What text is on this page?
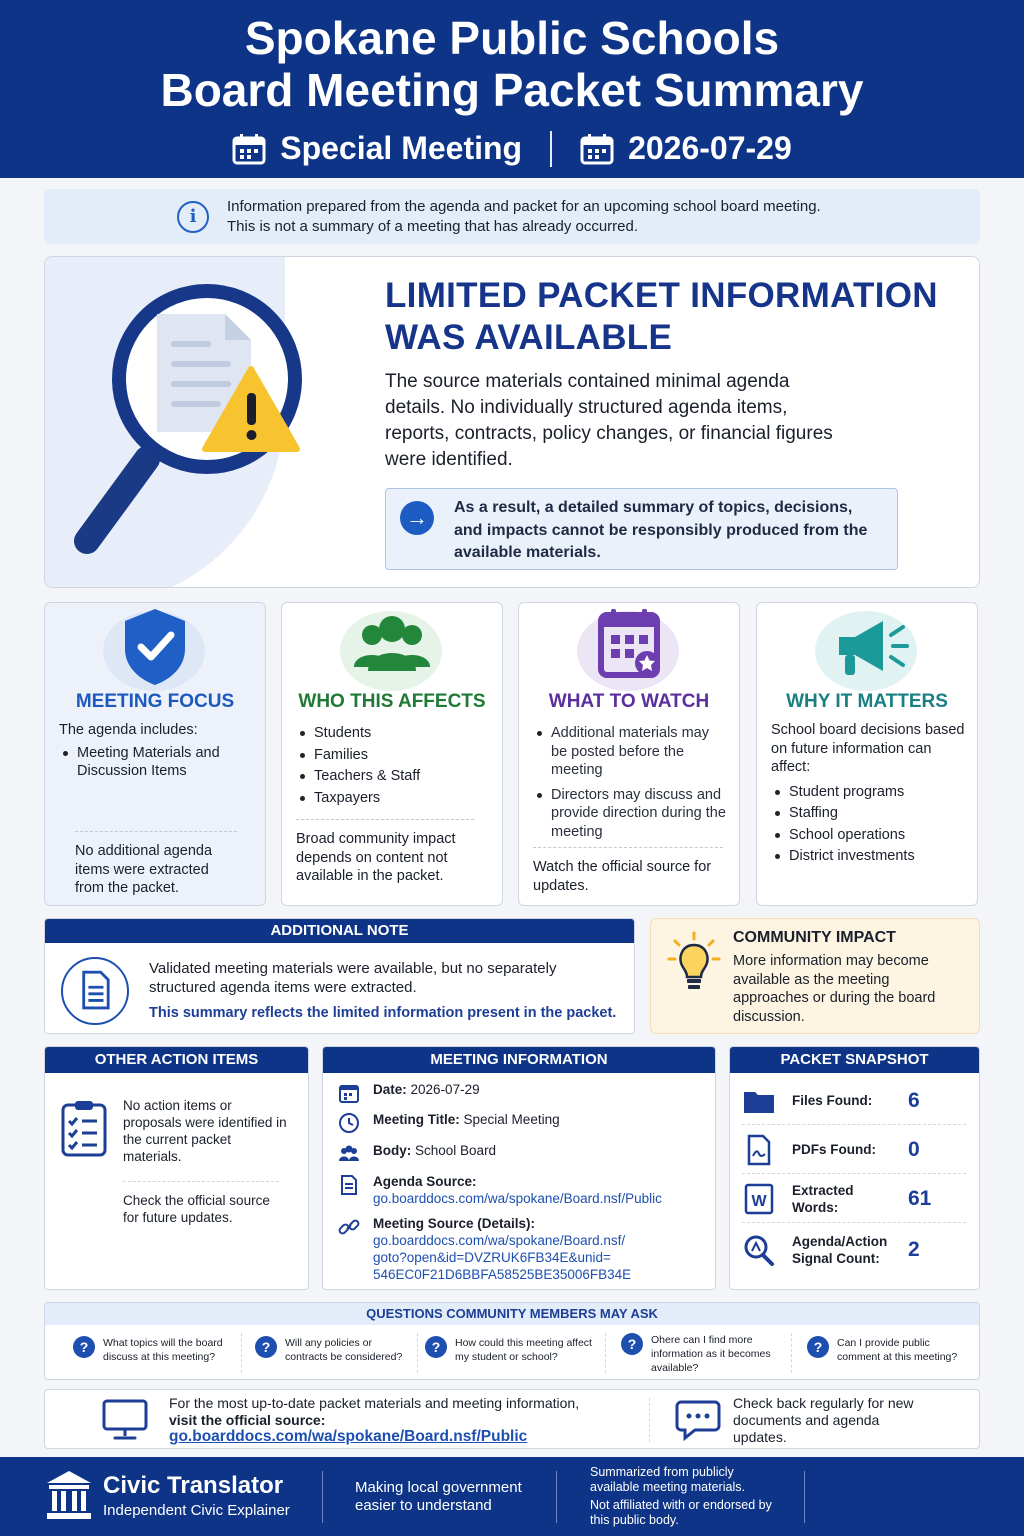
Spokane Public Schools
Board Meeting Packet Summary
Special Meeting	2026-07-29
i	Information prepared from the agenda and packet for an upcoming school board meeting.

This is not a summary of a meeting that has already occurred.

LIMITED PACKET INFORMATION
WAS AVAILABLE

The source materials contained minimal agenda details. No individually structured agenda items, reports, contracts, policy changes, or financial figures were identified.

→	As a result, a detailed summary of topics, decisions, and impacts cannot be responsibly produced from the available materials.

MEETING FOCUS

The agenda includes:

Meeting Materials and Discussion Items
No additional agenda items were extracted from the packet.
WHO THIS AFFECTS
Students
Families
Teachers & Staff
Taxpayers
Broad community impact depends on content not available in the packet.
WHAT TO WATCH
Additional materials may be posted before the meeting
Directors may discuss and provide direction during the meeting
Watch the official source for updates.
WHY IT MATTERS

School board decisions based on future information can affect:

Student programs
Staffing
School operations
District investments
ADDITIONAL NOTE

Validated meeting materials were available, but no separately structured agenda items were extracted.

This summary reflects the limited information present in the packet.

COMMUNITY IMPACT

More information may become available as the meeting approaches or during the board discussion.

OTHER ACTION ITEMS

No action items or proposals were identified in the current packet materials.

Check the official source for future updates.

MEETING INFORMATION
Date: 2026-07-29
Meeting Title: Special Meeting
Body: School Board
Agenda Source:
go.boarddocs.com/wa/spokane/Board.nsf/Public
Meeting Source (Details):
go.boarddocs.com/wa/spokane/Board.nsf/
goto?open&id=DVZRUK6FB34E&unid=
546EC0F21D6BBFA58525BE35006FB34E
PACKET SNAPSHOT
Files Found:	6
PDFs Found:	0
W
Extracted Words:	61
Agenda/Action Signal Count:	2
QUESTIONS COMMUNITY MEMBERS MAY ASK
?	What topics will the board discuss at this meeting?
?	Will any policies or contracts be considered?
?	How could this meeting affect my student or school?
?	Ohere can I find more information as it becomes available?
?	Can I provide public comment at this meeting?
For the most up-to-date packet materials and meeting information,
visit the official source:
go.boarddocs.com/wa/spokane/Board.nsf/Public

Check back regularly for new documents and agenda updates.

Civic Translator
Independent Civic Explainer
Making local government easier to understand
Summarized from publicly available meeting materials.
Not affiliated with or endorsed by this public body.
